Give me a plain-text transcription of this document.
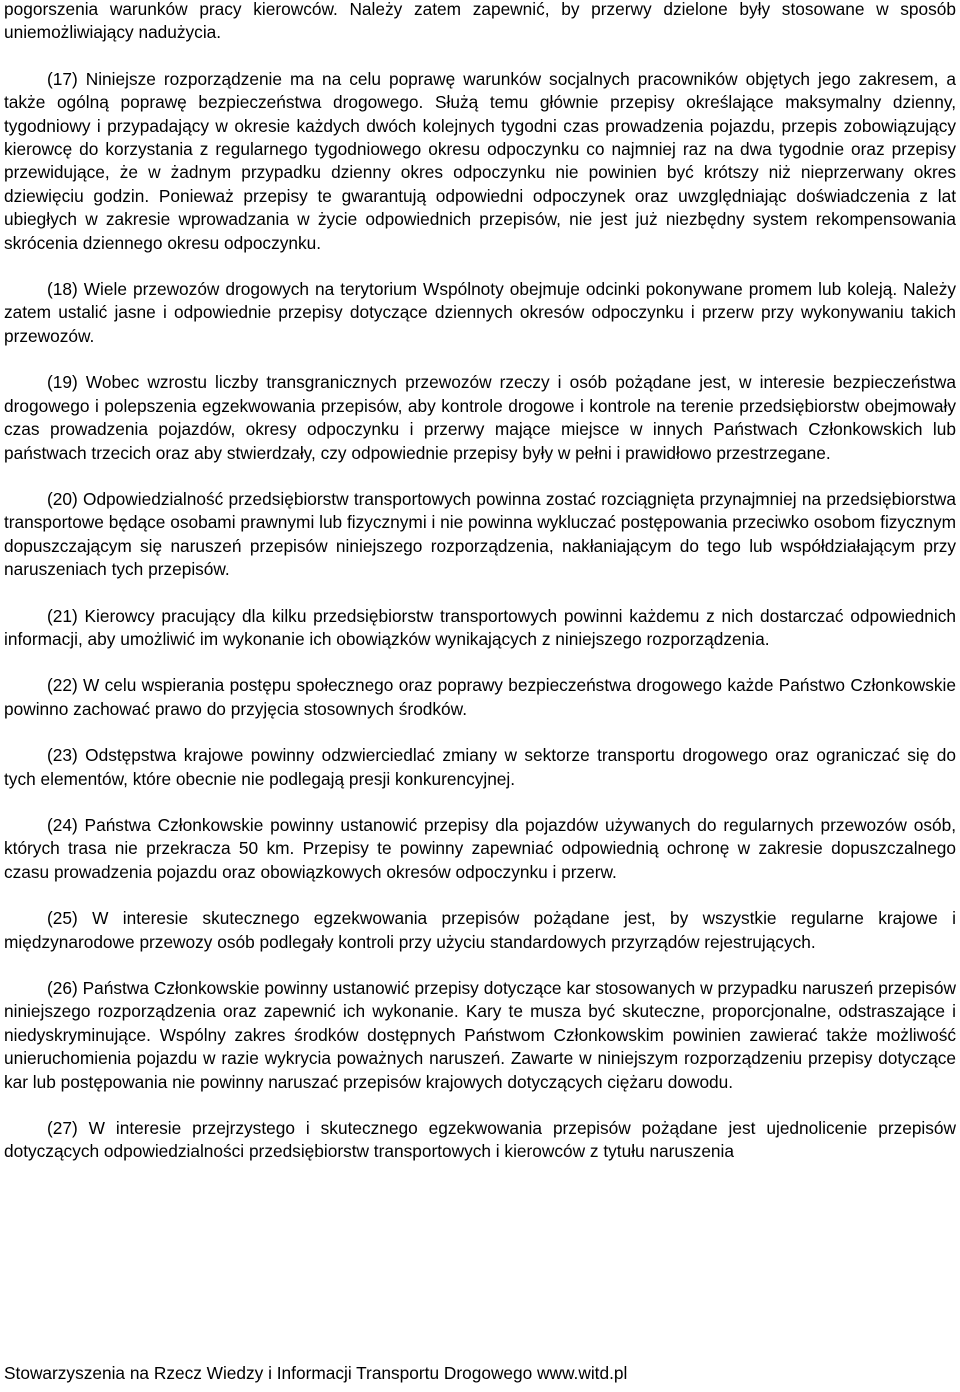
pogorszenia warunków pracy kierowców. Należy zatem zapewnić, by przerwy dzielone były stosowane w sposób uniemożliwiający nadużycia.

(17) Niniejsze rozporządzenie ma na celu poprawę warunków socjalnych pracowników objętych jego zakresem, a także ogólną poprawę bezpieczeństwa drogowego. Służą temu głównie przepisy określające maksymalny dzienny, tygodniowy i przypadający w okresie każdych dwóch kolejnych tygodni czas prowadzenia pojazdu, przepis zobowiązujący kierowcę do korzystania z regularnego tygodniowego okresu odpoczynku co najmniej raz na dwa tygodnie oraz przepisy przewidujące, że w żadnym przypadku dzienny okres odpoczynku nie powinien być krótszy niż nieprzerwany okres dziewięciu godzin. Ponieważ przepisy te gwarantują odpowiedni odpoczynek oraz uwzględniając doświadczenia z lat ubiegłych w zakresie wprowadzania w życie odpowiednich przepisów, nie jest już niezbędny system rekompensowania skrócenia dziennego okresu odpoczynku.

(18) Wiele przewozów drogowych na terytorium Wspólnoty obejmuje odcinki pokonywane promem lub koleją. Należy zatem ustalić jasne i odpowiednie przepisy dotyczące dziennych okresów odpoczynku i przerw przy wykonywaniu takich przewozów.

(19) Wobec wzrostu liczby transgranicznych przewozów rzeczy i osób pożądane jest, w interesie bezpieczeństwa drogowego i polepszenia egzekwowania przepisów, aby kontrole drogowe i kontrole na terenie przedsiębiorstw obejmowały czas prowadzenia pojazdów, okresy odpoczynku i przerwy mające miejsce w innych Państwach Członkowskich lub państwach trzecich oraz aby stwierdzały, czy odpowiednie przepisy były w pełni i prawidłowo przestrzegane.

(20) Odpowiedzialność przedsiębiorstw transportowych powinna zostać rozciągnięta przynajmniej na przedsiębiorstwa transportowe będące osobami prawnymi lub fizycznymi i nie powinna wykluczać postępowania przeciwko osobom fizycznym dopuszczającym się naruszeń przepisów niniejszego rozporządzenia, nakłaniającym do tego lub współdziałającym przy naruszeniach tych przepisów.

(21) Kierowcy pracujący dla kilku przedsiębiorstw transportowych powinni każdemu z nich dostarczać odpowiednich informacji, aby umożliwić im wykonanie ich obowiązków wynikających z niniejszego rozporządzenia.

(22) W celu wspierania postępu społecznego oraz poprawy bezpieczeństwa drogowego każde Państwo Członkowskie powinno zachować prawo do przyjęcia stosownych środków.

(23) Odstępstwa krajowe powinny odzwierciedlać zmiany w sektorze transportu drogowego oraz ograniczać się do tych elementów, które obecnie nie podlegają presji konkurencyjnej.

(24) Państwa Członkowskie powinny ustanowić przepisy dla pojazdów używanych do regularnych przewozów osób, których trasa nie przekracza 50 km. Przepisy te powinny zapewniać odpowiednią ochronę w zakresie dopuszczalnego czasu prowadzenia pojazdu oraz obowiązkowych okresów odpoczynku i przerw.

(25) W interesie skutecznego egzekwowania przepisów pożądane jest, by wszystkie regularne krajowe i międzynarodowe przewozy osób podlegały kontroli przy użyciu standardowych przyrządów rejestrujących.

(26) Państwa Członkowskie powinny ustanowić przepisy dotyczące kar stosowanych w przypadku naruszeń przepisów niniejszego rozporządzenia oraz zapewnić ich wykonanie. Kary te musza być skuteczne, proporcjonalne, odstraszające i niedyskryminujące. Wspólny zakres środków dostępnych Państwom Członkowskim powinien zawierać także możliwość unieruchomienia pojazdu w razie wykrycia poważnych naruszeń. Zawarte w niniejszym rozporządzeniu przepisy dotyczące kar lub postępowania nie powinny naruszać przepisów krajowych dotyczących ciężaru dowodu.

(27) W interesie przejrzystego i skutecznego egzekwowania przepisów pożądane jest ujednolicenie przepisów dotyczących odpowiedzialności przedsiębiorstw transportowych i kierowców z tytułu naruszenia

Stowarzyszenia na Rzecz Wiedzy i Informacji Transportu Drogowego www.witd.pl
